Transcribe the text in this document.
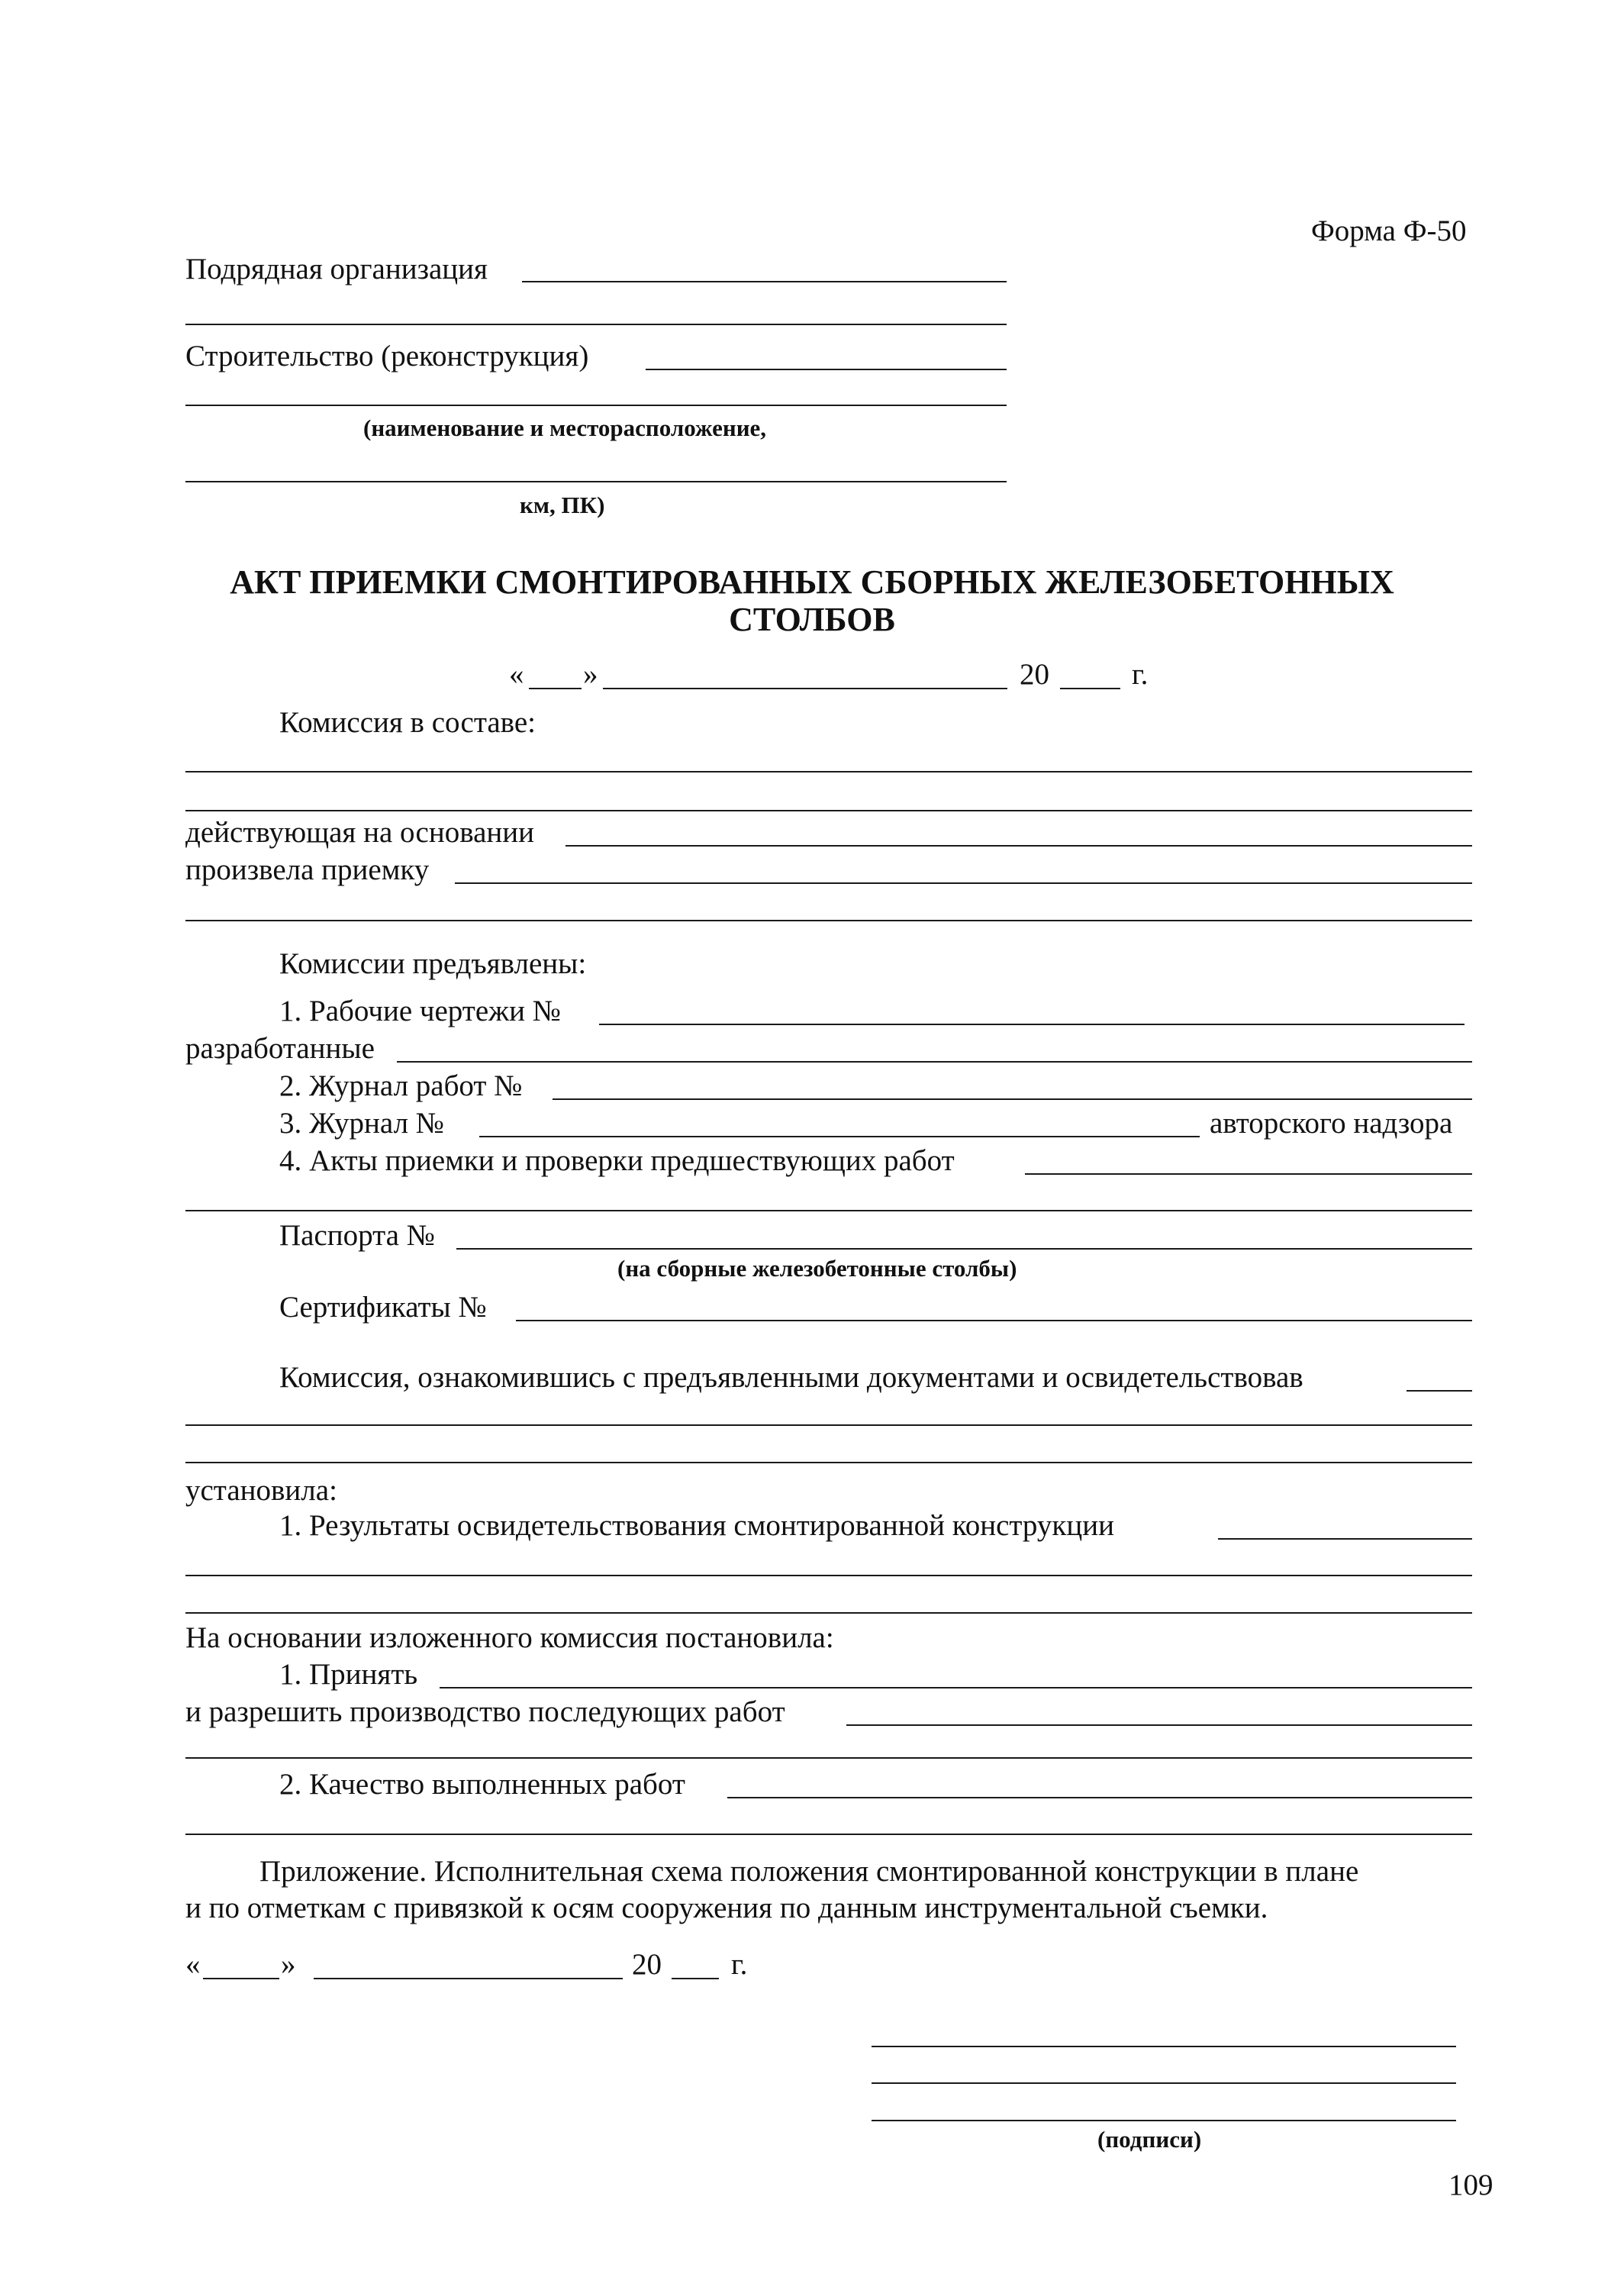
Форма Ф-50
Подрядная организация
Строительство (реконструкция)
(наименование и месторасположение,
км, ПК)
АКТ ПРИЕМКИ СМОНТИРОВАННЫХ СБОРНЫХ ЖЕЛЕЗОБЕТОННЫХ
СТОЛБОВ
« »	20	г.
Комиссия в составе:
действующая на основании
произвела приемку
Комиссии предъявлены:
1. Рабочие чертежи №
разработанные
2. Журнал работ №
3. Журнал №	авторского надзора
4. Акты приемки и проверки предшествующих работ
Паспорта №
(на сборные железобетонные столбы)
Сертификаты №
Комиссия, ознакомившись с предъявленными документами и освидетельствовав
установила:
1. Результаты освидетельствования смонтированной конструкции
На основании изложенного комиссия постановила:
1. Принять
и разрешить производство последующих работ
2. Качество выполненных работ
Приложение. Исполнительная схема положения смонтированной конструкции в плане
и по отметкам с привязкой к осям сооружения по данным инструментальной съемки.
«	»	20 г.
(подписи)
109
